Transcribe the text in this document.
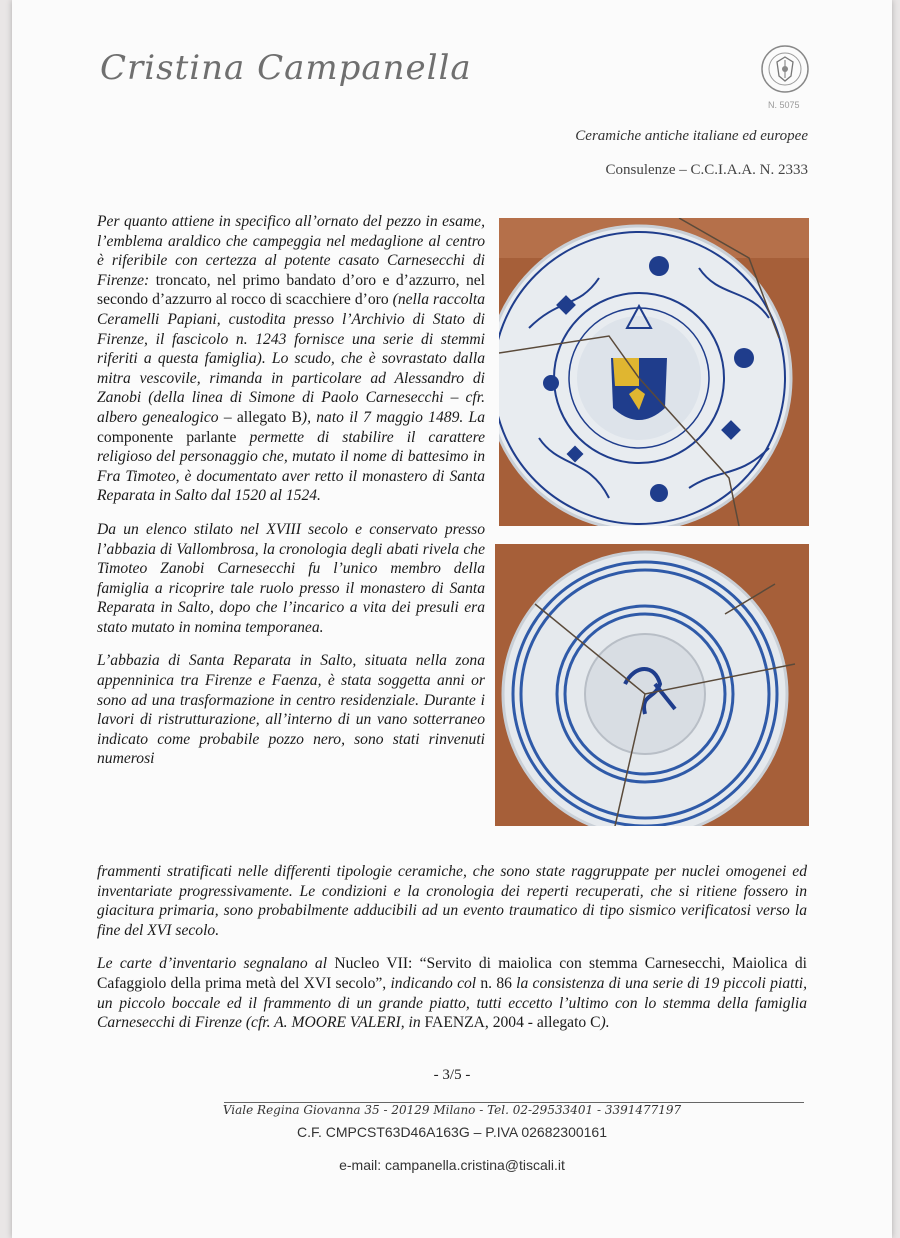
Cristina Campanella
N. 5075
Ceramiche antiche italiane ed europee
Consulenze – C.C.I.A.A. N. 2333

Per quanto attiene in specifico all’ornato del pezzo in esame, l’emblema araldico che campeggia nel medaglione al centro è riferibile con certezza al potente casato Carnesecchi di Firenze: troncato, nel primo bandato d’oro e d’azzurro, nel secondo d’azzurro al rocco di scacchiere d’oro (nella raccolta Ceramelli Papiani, custodita presso l’Archivio di Stato di Firenze, il fascicolo n. 1243 fornisce una serie di stemmi riferiti a questa famiglia). Lo scudo, che è sovrastato dalla mitra vescovile, rimanda in particolare ad Alessandro di Zanobi (della linea di Simone di Paolo Carnesecchi – cfr. albero genealogico – allegato B), nato il 7 maggio 1489. La componente parlante permette di stabilire il carattere religioso del personaggio che, mutato il nome di battesimo in Fra Timoteo, è documentato aver retto il monastero di Santa Reparata in Salto dal 1520 al 1524.

Da un elenco stilato nel XVIII secolo e conservato presso l’abbazia di Vallombrosa, la cronologia degli abati rivela che Timoteo Zanobi Carnesecchi fu l’unico membro della famiglia a ricoprire tale ruolo presso il monastero di Santa Reparata in Salto, dopo che l’incarico a vita dei presuli era stato mutato in nomina temporanea.

L’abbazia di Santa Reparata in Salto, situata nella zona appenninica tra Firenze e Faenza, è stata soggetta anni or sono ad una trasformazione in centro residenziale. Durante i lavori di ristrutturazione, all’interno di un vano sotterraneo indicato come probabile pozzo nero, sono stati rinvenuti numerosi

frammenti stratificati nelle differenti tipologie ceramiche, che sono state raggruppate per nuclei omogenei ed inventariate progressivamente. Le condizioni e la cronologia dei reperti recuperati, che si ritiene fossero in giacitura primaria, sono probabilmente adducibili ad un evento traumatico di tipo sismico verificatosi verso la fine del XVI secolo.

Le carte d’inventario segnalano al Nucleo VII: “Servito di maiolica con stemma Carnesecchi, Maiolica di Cafaggiolo della prima metà del XVI secolo”, indicando col n. 86 la consistenza di una serie di 19 piccoli piatti, un piccolo boccale ed il frammento di un grande piatto, tutti eccetto l’ultimo con lo stemma della famiglia Carnesecchi di Firenze (cfr. A. MOORE VALERI, in FAENZA, 2004 - allegato C).

- 3/5 -
Viale Regina Giovanna 35 - 20129 Milano - Tel. 02-29533401 - 3391477197
C.F. CMPCST63D46A163G – P.IVA 02682300161
e-mail: campanella.cristina@tiscali.it
